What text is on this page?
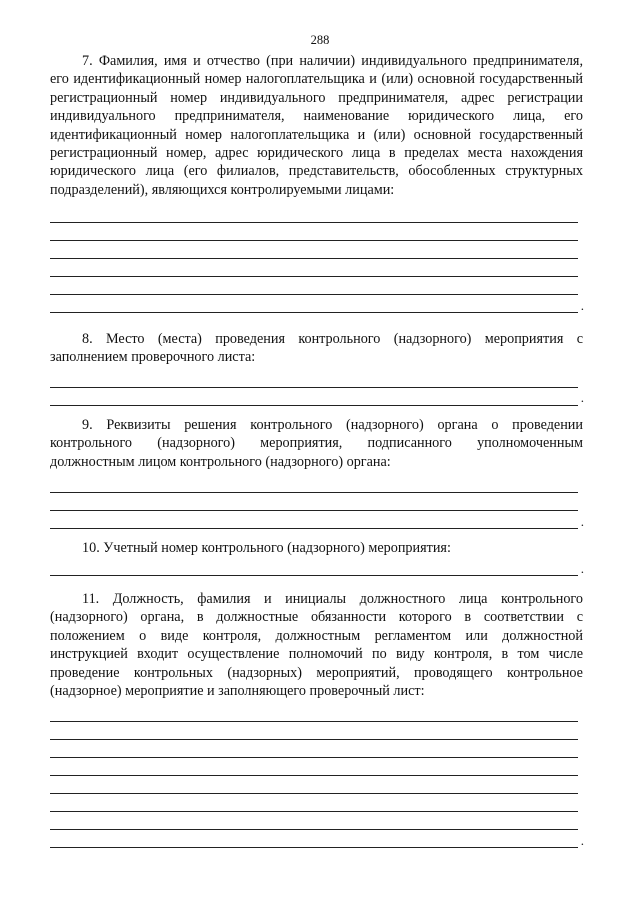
288

7. Фамилия, имя и отчество (при наличии) индивидуального предпринимателя, его идентификационный номер налогоплательщика и (или) основной государственный регистрационный номер индивидуального предпринимателя, адрес регистрации индивидуального предпринимателя, наименование юридического лица, его идентификационный номер налогоплательщика и (или) основной государственный регистрационный номер, адрес юридического лица в пределах места нахождения юридического лица (его филиалов, представительств, обособленных структурных подразделений), являющихся контролируемыми лицами:

.

8. Место (места) проведения контрольного (надзорного) мероприятия с заполнением проверочного листа:

.

9. Реквизиты решения контрольного (надзорного) органа о проведении контрольного (надзорного) мероприятия, подписанного уполномоченным должностным лицом контрольного (надзорного) органа:

.

10. Учетный номер контрольного (надзорного) мероприятия:

.

11. Должность, фамилия и инициалы должностного лица контрольного (надзорного) органа, в должностные обязанности которого в соответствии с положением о виде контроля, должностным регламентом или должностной инструкцией входит осуществление полномочий по виду контроля, в том числе проведение контрольных (надзорных) мероприятий, проводящего контрольное (надзорное) мероприятие и заполняющего проверочный лист:

.
